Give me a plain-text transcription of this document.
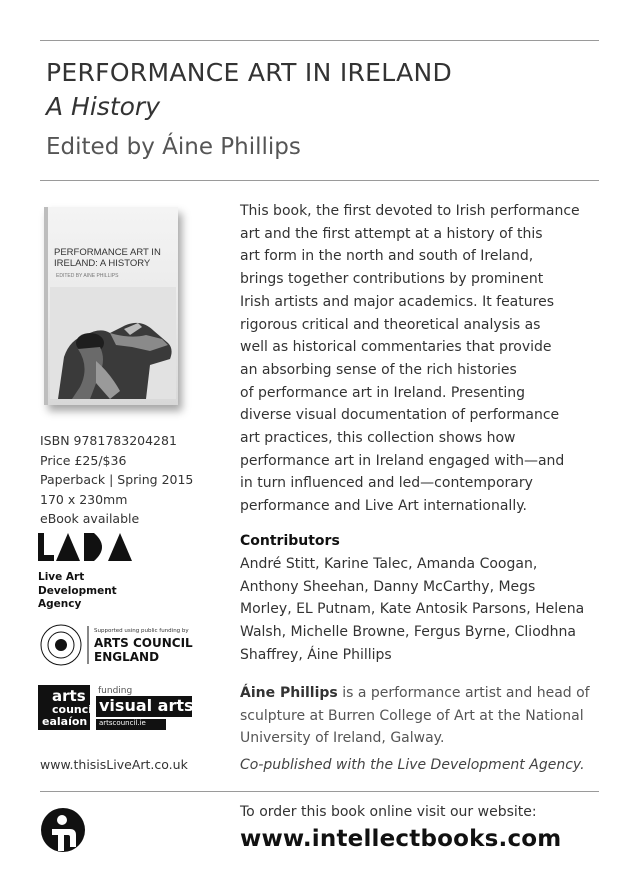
PERFORMANCE ART IN IRELAND
A History
Edited by Áine Phillips
PERFORMANCE ART IN IRELAND: A HISTORY
EDITED BY AINE PHILLIPS
ISBN 9781783204281
Price £25/$36
Paperback | Spring 2015
170 x 230mm
eBook available
Live Art
Development
Agency
Supported using public funding by
ARTS COUNCIL
ENGLAND
arts
council
ealaíon
funding
visual arts
artscouncil.ie
www.thisisLiveArt.co.uk
This book, the first devoted to Irish performance
art and the first attempt at a history of this
art form in the north and south of Ireland,
brings together contributions by prominent
Irish artists and major academics. It features
rigorous critical and theoretical analysis as
well as historical commentaries that provide
an absorbing sense of the rich histories
of performance art in Ireland. Presenting
diverse visual documentation of performance
art practices, this collection shows how
performance art in Ireland engaged with—and
in turn influenced and led—contemporary
performance and Live Art internationally.
Contributors
André Stitt, Karine Talec, Amanda Coogan,
Anthony Sheehan, Danny McCarthy, Megs
Morley, EL Putnam, Kate Antosik Parsons, Helena
Walsh, Michelle Browne, Fergus Byrne, Cliodhna
Shaffrey, Áine Phillips
Áine Phillips is a performance artist and head of
sculpture at Burren College of Art at the National
University of Ireland, Galway.
Co-published with the Live Development Agency.
To order this book online visit our website:
www.intellectbooks.com
